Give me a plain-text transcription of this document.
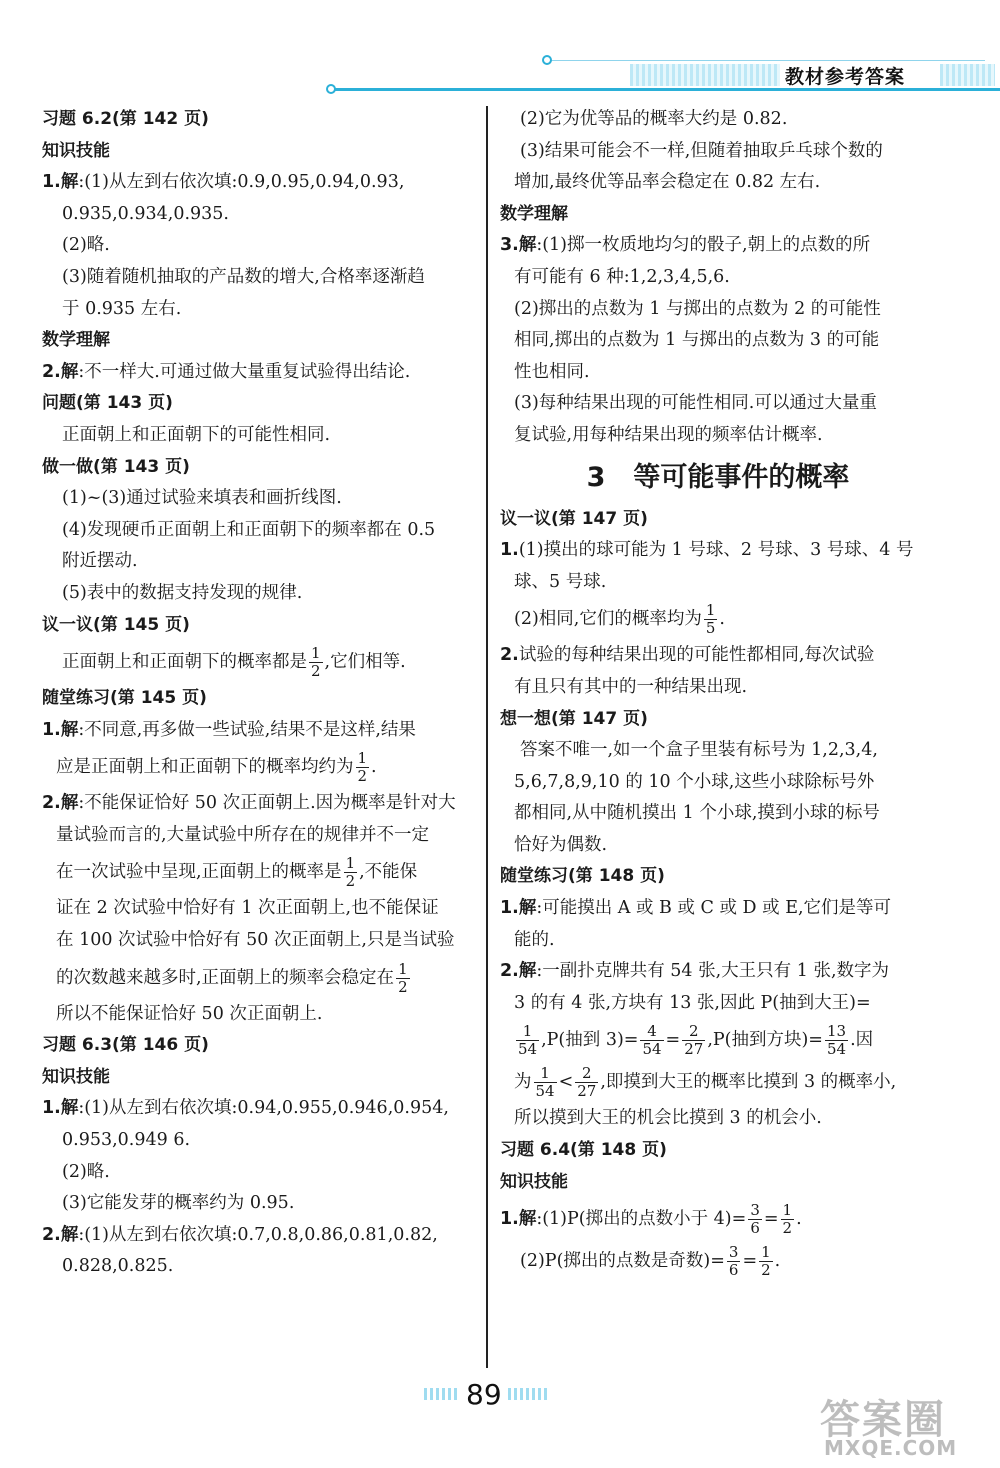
教材参考答案

习题 6.2(第 142 页)

知识技能

1.解:(1)从左到右依次填:0.9,0.95,0.94,0.93,

0.935,0.934,0.935.

(2)略.

(3)随着随机抽取的产品数的增大,合格率逐渐趋

于 0.935 左右.

数学理解

2.解:不一样大.可通过做大量重复试验得出结论.

问题(第 143 页)

正面朝上和正面朝下的可能性相同.

做一做(第 143 页)

(1)~(3)通过试验来填表和画折线图.

(4)发现硬币正面朝上和正面朝下的频率都在 0.5

附近摆动.

(5)表中的数据支持发现的规律.

议一议(第 145 页)

正面朝上和正面朝下的概率都是 $\frac{1}{2}$ ,它们相等.

随堂练习(第 145 页)

1.解:不同意,再多做一些试验,结果不是这样,结果

应是正面朝上和正面朝下的概率均约为 $\frac{1}{2}$ .

2.解:不能保证恰好 50 次正面朝上.因为概率是针对大

量试验而言的,大量试验中所存在的规律并不一定

在一次试验中呈现,正面朝上的概率是 $\frac{1}{2}$ ,不能保

证在 2 次试验中恰好有 1 次正面朝上,也不能保证

在 100 次试验中恰好有 50 次正面朝上,只是当试验

的次数越来越多时,正面朝上的频率会稳定在 $\frac{1}{2}$

所以不能保证恰好 50 次正面朝上.

习题 6.3(第 146 页)

知识技能

1.解:(1)从左到右依次填:0.94,0.955,0.946,0.954,

0.953,0.949 6.

(2)略.

(3)它能发芽的概率约为 0.95.

2.解:(1)从左到右依次填:0.7,0.8,0.86,0.81,0.82,

0.828,0.825.

(2)它为优等品的概率大约是 0.82.

(3)结果可能会不一样,但随着抽取乒乓球个数的

增加,最终优等品率会稳定在 0.82 左右.

数学理解

3.解:(1)掷一枚质地均匀的骰子,朝上的点数的所

有可能有 6 种:1,2,3,4,5,6.

(2)掷出的点数为 1 与掷出的点数为 2 的可能性

相同,掷出的点数为 1 与掷出的点数为 3 的可能

性也相同.

(3)每种结果出现的可能性相同.可以通过大量重

复试验,用每种结果出现的频率估计概率.

3 等可能事件的概率

议一议(第 147 页)

1.(1)摸出的球可能为 1 号球、2 号球、3 号球、4 号

球、5 号球.

(2)相同,它们的概率均为 $\frac{1}{5}$ .

2.试验的每种结果出现的可能性都相同,每次试验

有且只有其中的一种结果出现.

想一想(第 147 页)

答案不唯一,如一个盒子里装有标号为 1,2,3,4,

5,6,7,8,9,10 的 10 个小球,这些小球除标号外

都相同,从中随机摸出 1 个小球,摸到小球的标号

恰好为偶数.

随堂练习(第 148 页)

1.解:可能摸出 A 或 B 或 C 或 D 或 E,它们是等可

能的.

2.解:一副扑克牌共有 54 张,大王只有 1 张,数字为

3 的有 4 张,方块有 13 张,因此 P(抽到大王)=

$\frac{1}{54} ,P$(抽到 $3)= \frac{4}{54} = \frac{2}{27} ,P$(抽到方块)= $\frac{13}{54}$ .因

为 $\frac{1}{54} < \frac{2}{27}$ ,即摸到大王的概率比摸到 3 的概率小,

所以摸到大王的机会比摸到 3 的机会小.

习题 6.4(第 148 页)

知识技能

1.解:(1)P(掷出的点数小于 $4)= \frac{3}{6} = \frac{1}{2}$ .

(2)P(掷出的点数是奇数)= $\frac{3}{6} = \frac{1}{2}$ .

89
答案圈
MXQE.COM
